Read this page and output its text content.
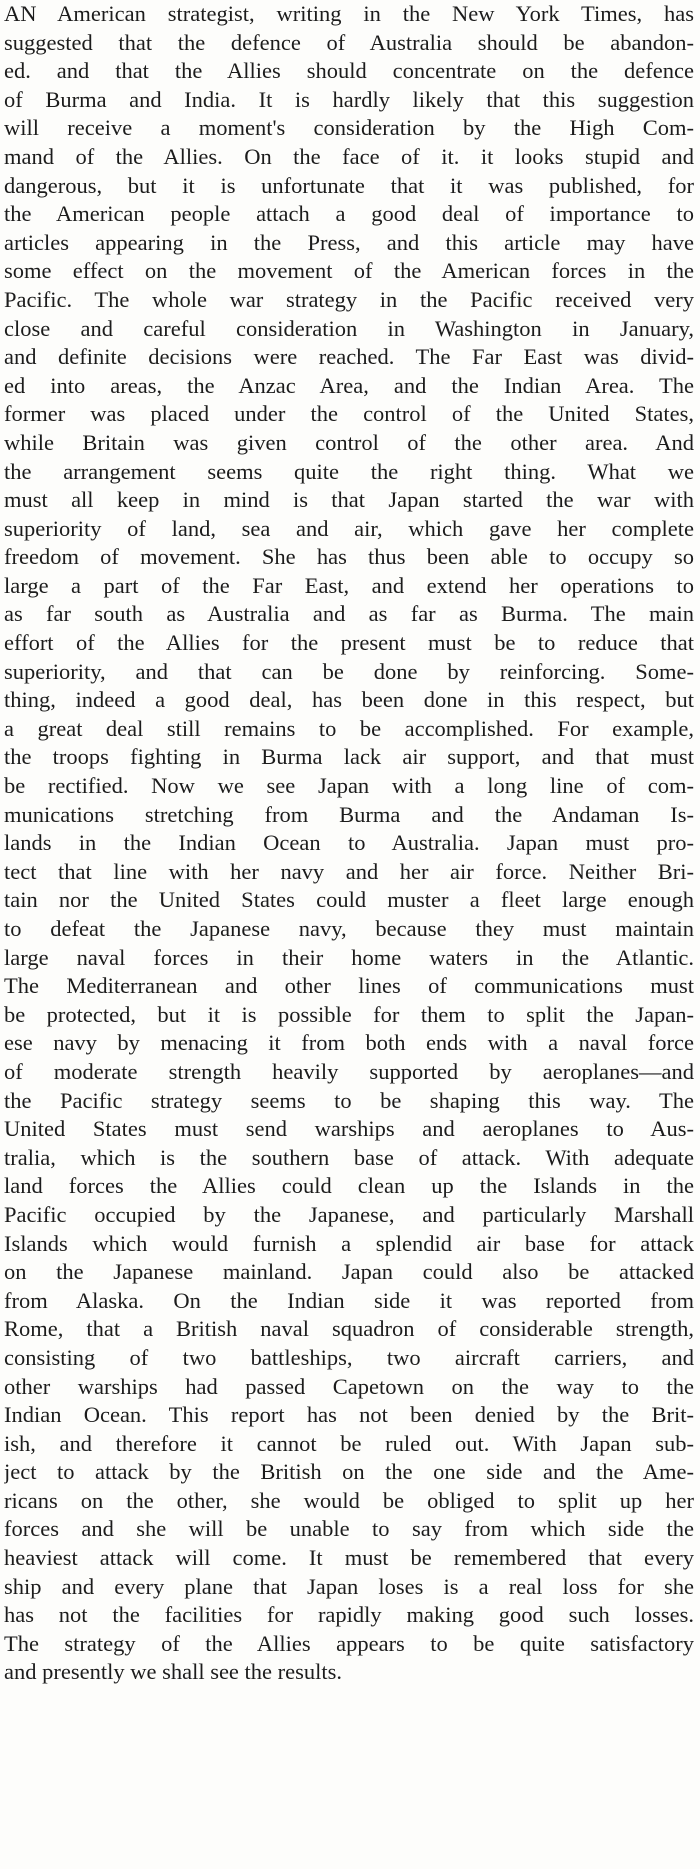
AN American strategist, writing in the New York Times, has
suggested that the defence of Australia should be abandon-
ed. and that the Allies should concentrate on the defence
of Burma and India. It is hardly likely that this suggestion
will receive a moment's consideration by the High Com-
mand of the Allies. On the face of it. it looks stupid and
dangerous, but it is unfortunate that it was published, for
the American people attach a good deal of importance to
articles appearing in the Press, and this article may have
some effect on the movement of the American forces in the
Pacific. The whole war strategy in the Pacific received very
close and careful consideration in Washington in January,
and definite decisions were reached. The Far East was divid-
ed into areas, the Anzac Area, and the Indian Area. The
former was placed under the control of the United States,
while Britain was given control of the other area. And
the arrangement seems quite the right thing. What we
must all keep in mind is that Japan started the war with
superiority of land, sea and air, which gave her complete
freedom of movement. She has thus been able to occupy so
large a part of the Far East, and extend her operations to
as far south as Australia and as far as Burma. The main
effort of the Allies for the present must be to reduce that
superiority, and that can be done by reinforcing. Some-
thing, indeed a good deal, has been done in this respect, but
a great deal still remains to be accomplished. For example,
the troops fighting in Burma lack air support, and that must
be rectified. Now we see Japan with a long line of com-
munications stretching from Burma and the Andaman Is-
lands in the Indian Ocean to Australia. Japan must pro-
tect that line with her navy and her air force. Neither Bri-
tain nor the United States could muster a fleet large enough
to defeat the Japanese navy, because they must maintain
large naval forces in their home waters in the Atlantic.
The Mediterranean and other lines of communications must
be protected, but it is possible for them to split the Japan-
ese navy by menacing it from both ends with a naval force
of moderate strength heavily supported by aeroplanes—and
the Pacific strategy seems to be shaping this way. The
United States must send warships and aeroplanes to Aus-
tralia, which is the southern base of attack. With adequate
land forces the Allies could clean up the Islands in the
Pacific occupied by the Japanese, and particularly Marshall
Islands which would furnish a splendid air base for attack
on the Japanese mainland. Japan could also be attacked
from Alaska. On the Indian side it was reported from
Rome, that a British naval squadron of considerable strength,
consisting of two battleships, two aircraft carriers, and
other warships had passed Capetown on the way to the
Indian Ocean. This report has not been denied by the Brit-
ish, and therefore it cannot be ruled out. With Japan sub-
ject to attack by the British on the one side and the Ame-
ricans on the other, she would be obliged to split up her
forces and she will be unable to say from which side the
heaviest attack will come. It must be remembered that every
ship and every plane that Japan loses is a real loss for she
has not the facilities for rapidly making good such losses.
The strategy of the Allies appears to be quite satisfactory
and presently we shall see the results.
